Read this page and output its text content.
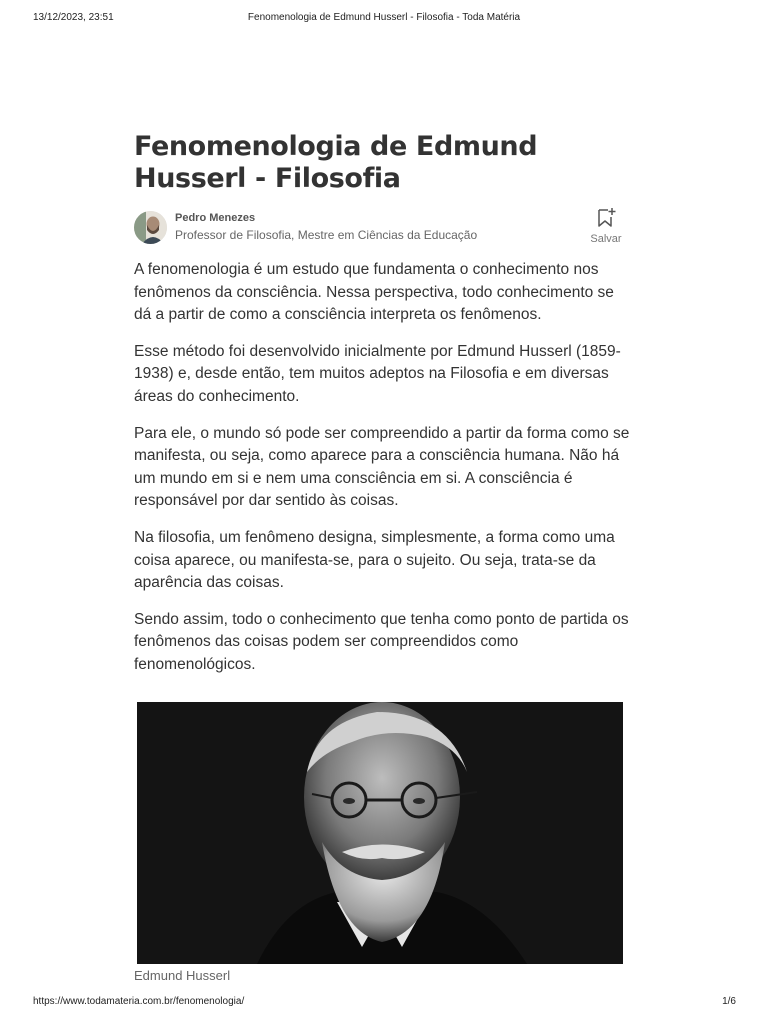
13/12/2023, 23:51	Fenomenologia de Edmund Husserl - Filosofia - Toda Matéria
Fenomenologia de Edmund Husserl - Filosofia
Pedro Menezes
Professor de Filosofia, Mestre em Ciências da Educação	Salvar

A fenomenologia é um estudo que fundamenta o conhecimento nos fenômenos da consciência. Nessa perspectiva, todo conhecimento se dá a partir de como a consciência interpreta os fenômenos.

Esse método foi desenvolvido inicialmente por Edmund Husserl (1859-1938) e, desde então, tem muitos adeptos na Filosofia e em diversas áreas do conhecimento.

Para ele, o mundo só pode ser compreendido a partir da forma como se manifesta, ou seja, como aparece para a consciência humana. Não há um mundo em si e nem uma consciência em si. A consciência é responsável por dar sentido às coisas.

Na filosofia, um fenômeno designa, simplesmente, a forma como uma coisa aparece, ou manifesta-se, para o sujeito. Ou seja, trata-se da aparência das coisas.

Sendo assim, todo o conhecimento que tenha como ponto de partida os fenômenos das coisas podem ser compreendidos como fenomenológicos.

Edmund Husserl
https://www.todamateria.com.br/fenomenologia/	1/6
